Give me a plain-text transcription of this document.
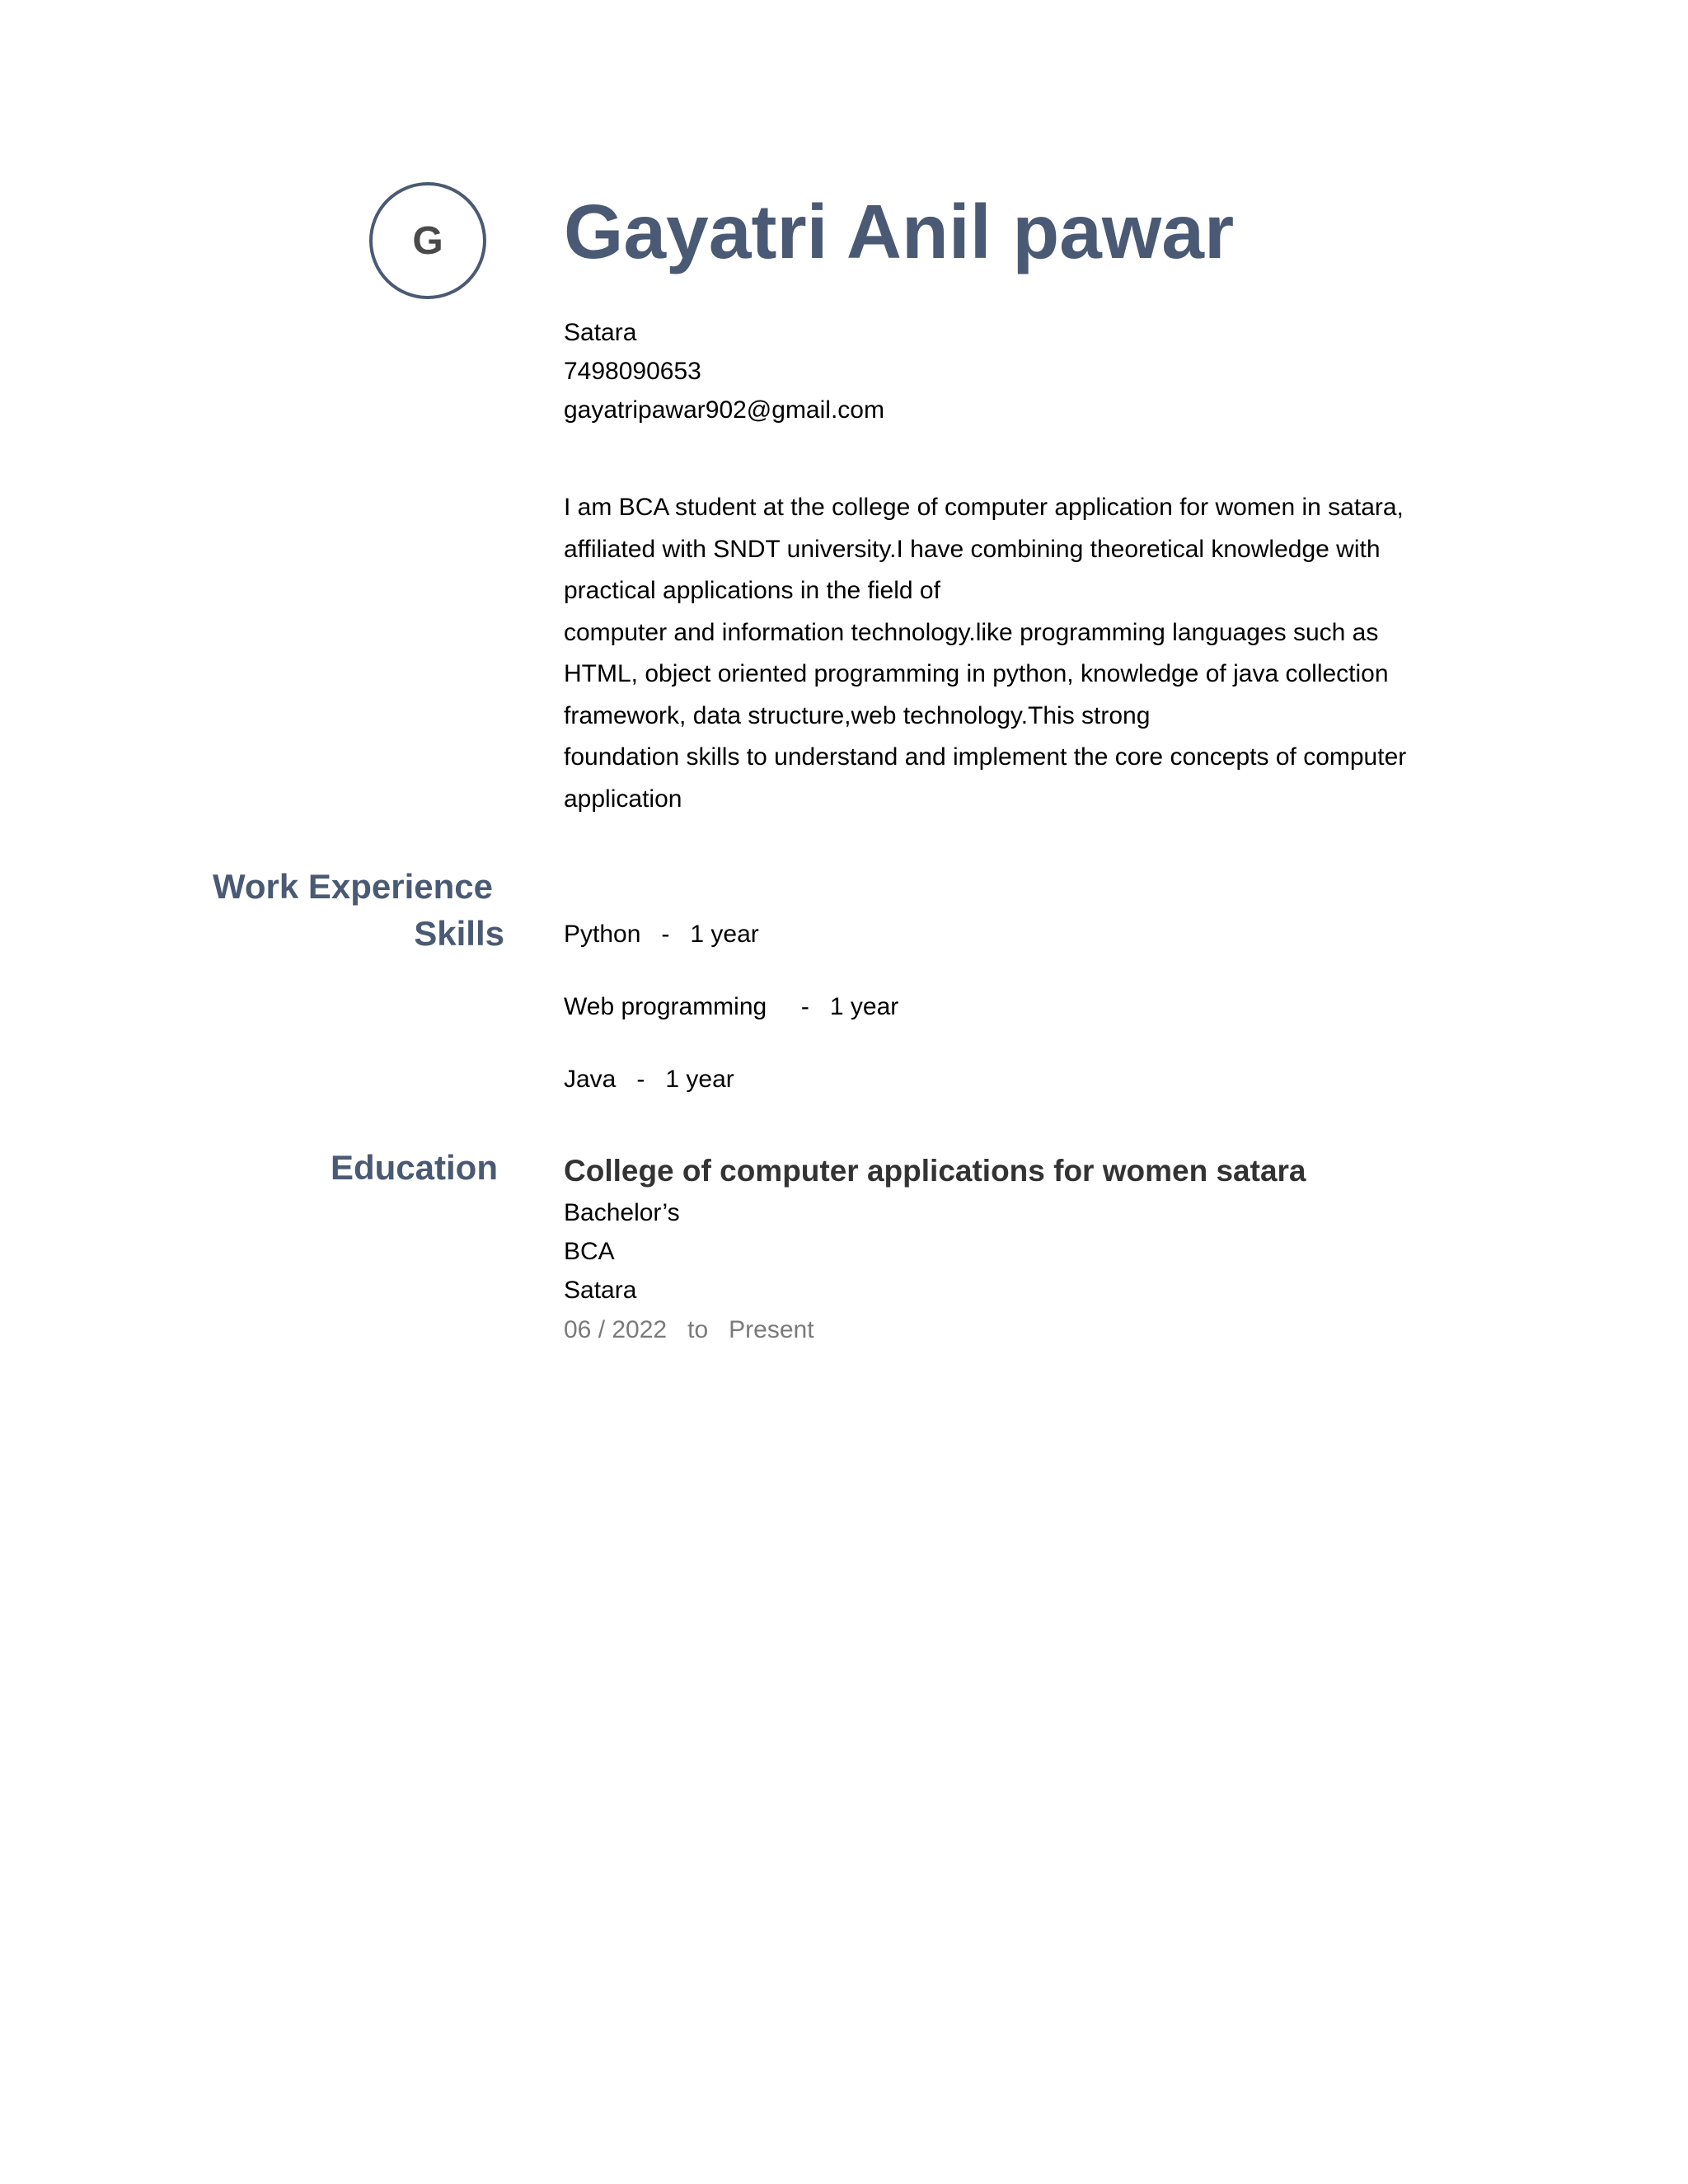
G Gayatri Anil pawar
Satara
7498090653
gayatripawar902@gmail.com
I am BCA student at the college of computer application for women in satara,
affiliated with SNDT university.I have combining theoretical knowledge with
practical applications in the field of
computer and information technology.like programming languages such as
HTML, object oriented programming in python, knowledge of java collection
framework, data structure,web technology.This strong
foundation skills to understand and implement the core concepts of computer
application
Work Experience
Skills Python   -   1 year
Web programming     -   1 year
Java   -   1 year
Education College of computer applications for women satara
Bachelor’s
BCA
Satara
06 / 2022   to   Present
